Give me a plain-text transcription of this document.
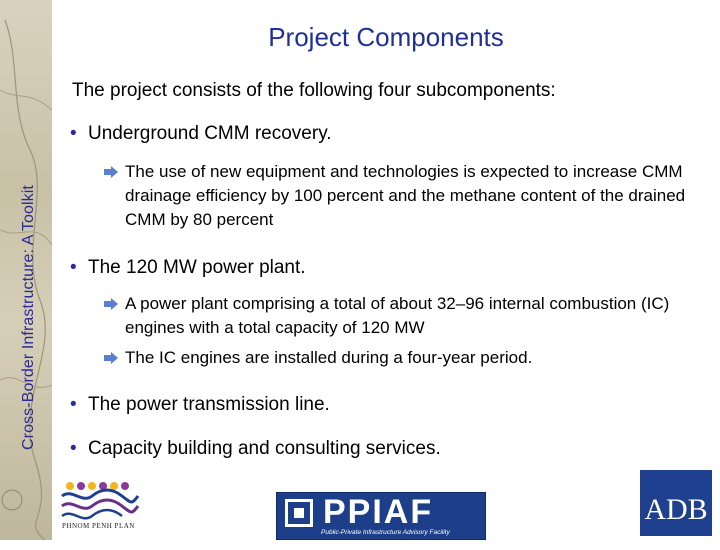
Cross-Border Infrastructure: A Toolkit
Project Components
The project consists of the following four subcomponents:
• Underground CMM recovery.
The use of new equipment and technologies is expected to increase CMM drainage efficiency by 100 percent and the methane content of the drained CMM by 80 percent
• The 120 MW power plant.
A power plant comprising a total of about 32–96 internal combustion (IC) engines with a total capacity of 120 MW
The IC engines are installed during a four-year period.
• The power transmission line.
• Capacity building and consulting services.
PHNOM PENH PLAN	PPIAF
Public-Private Infrastructure Advisory Facility
ADB
